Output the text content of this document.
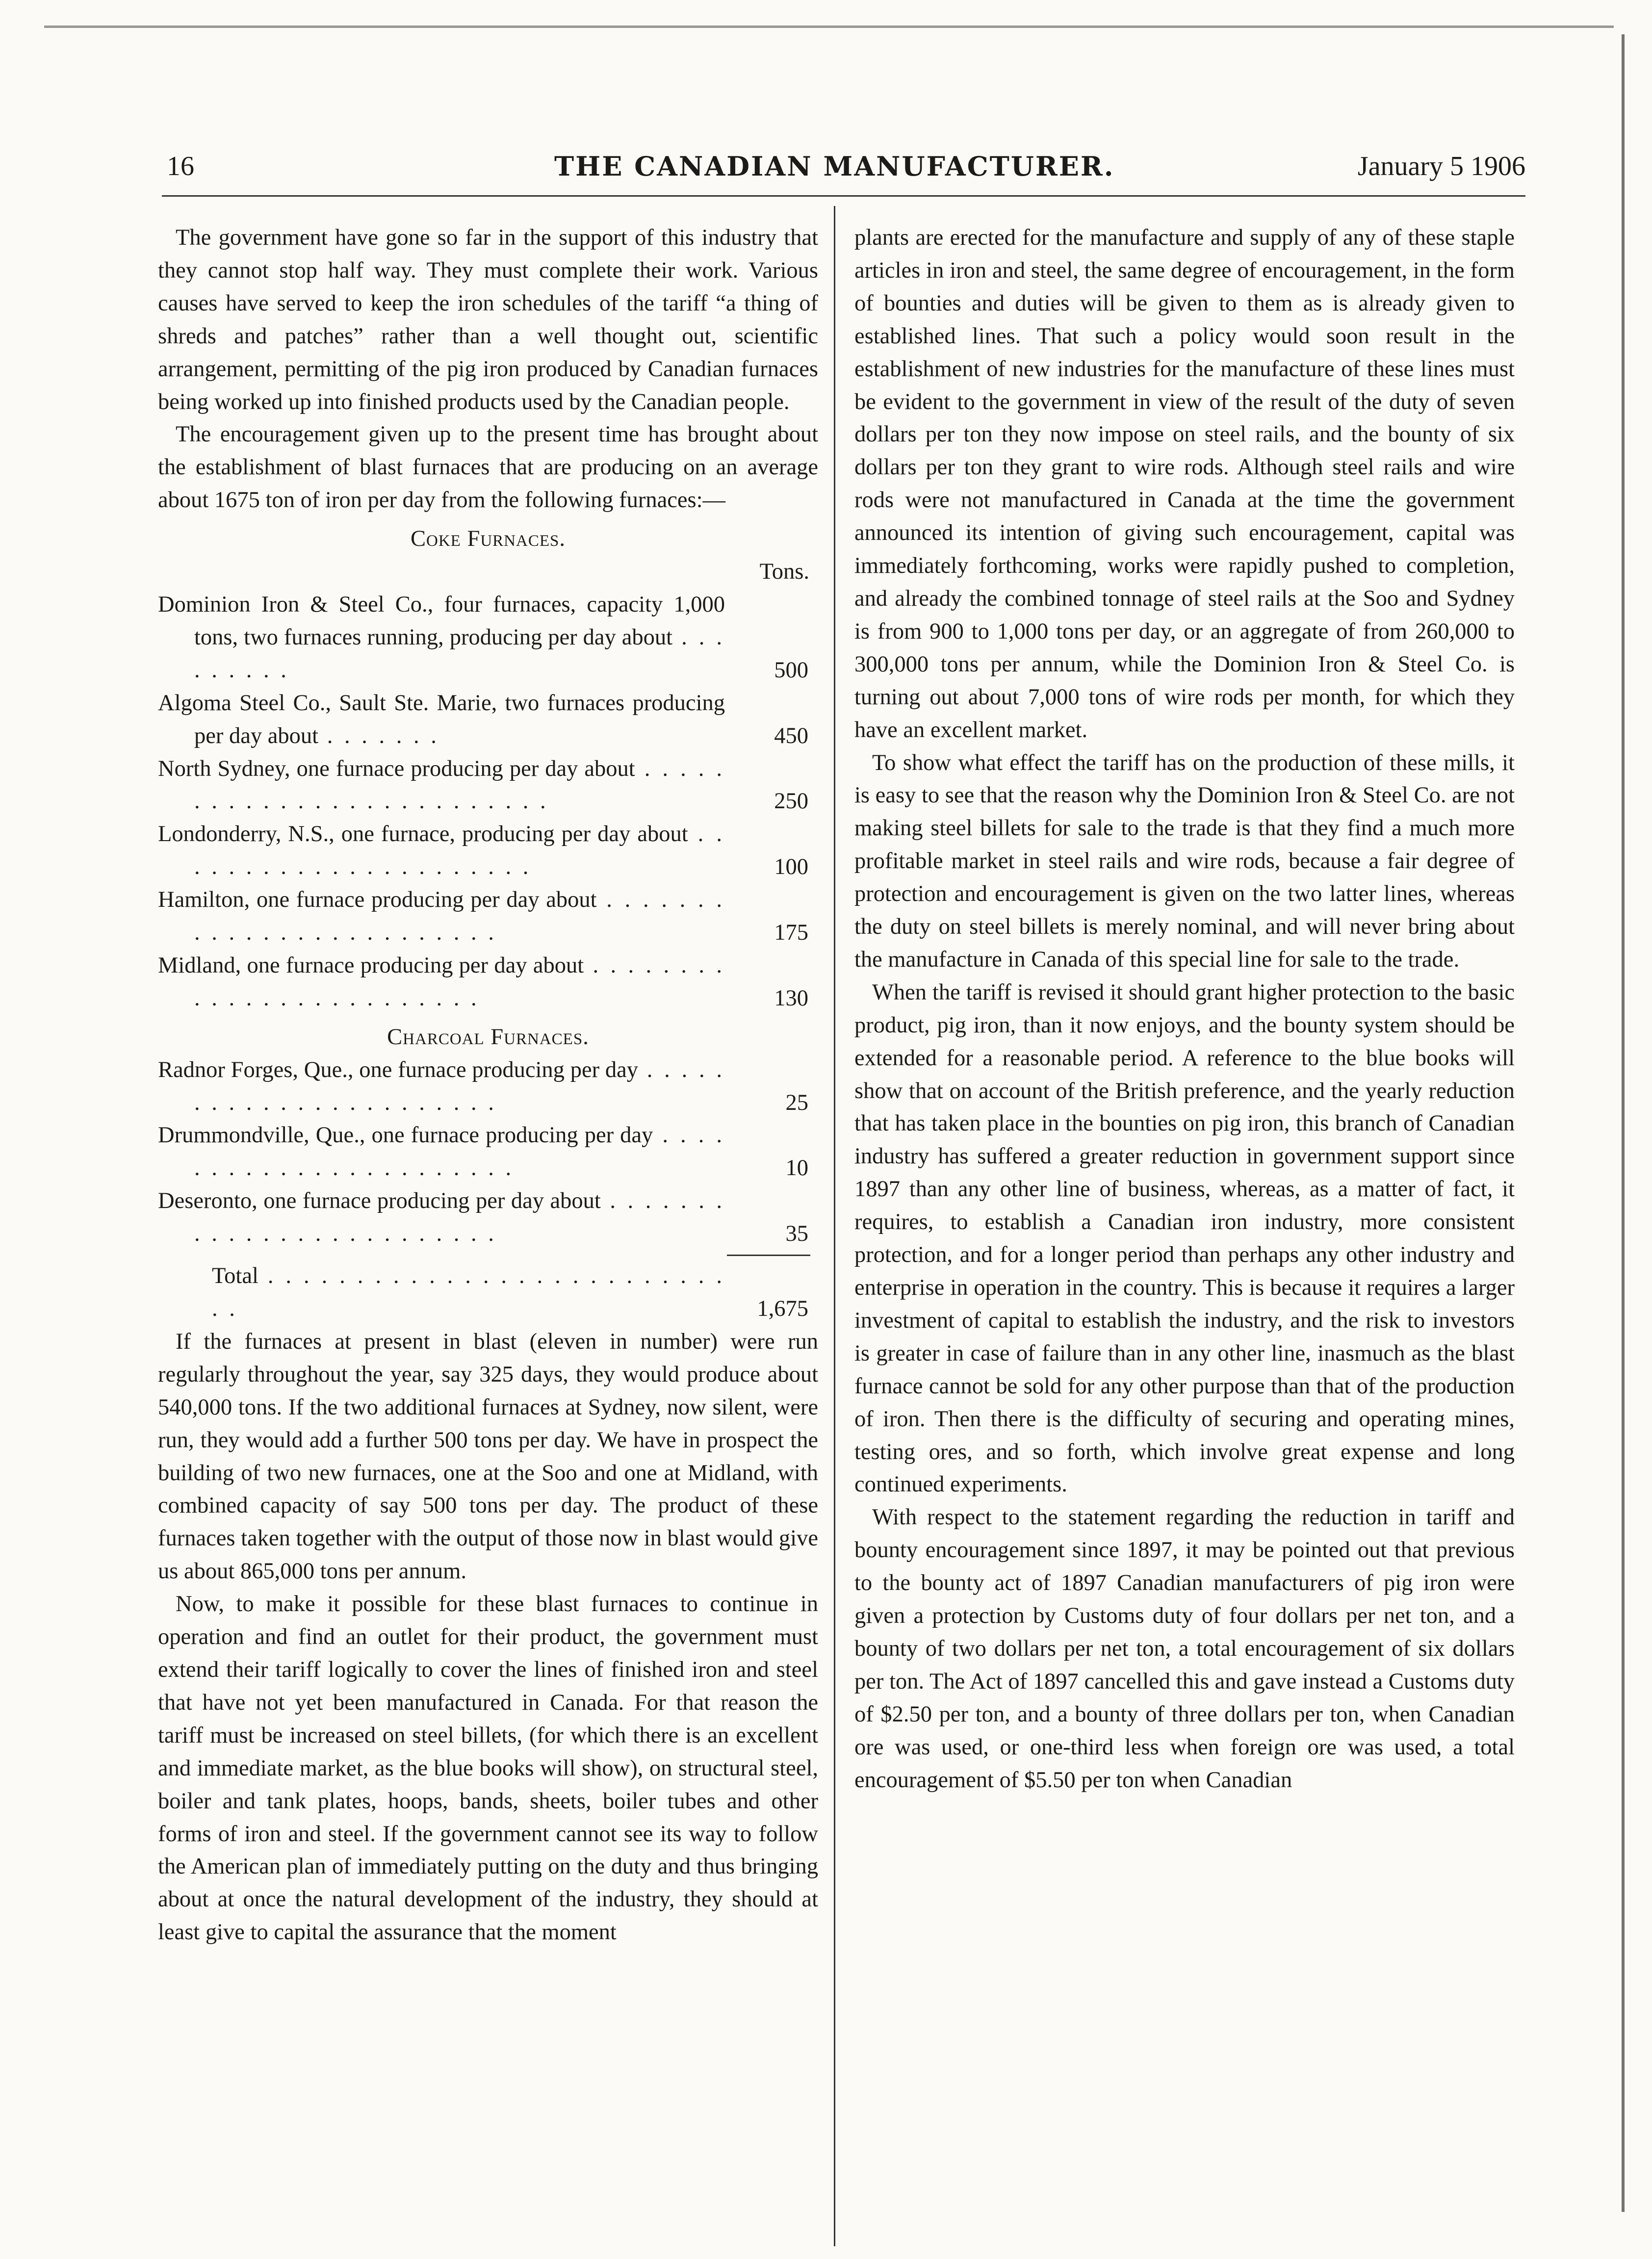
16	THE CANADIAN MANUFACTURER.	January 5 1906

The government have gone so far in the support of this industry that they cannot stop half way. They must complete their work. Various causes have served to keep the iron schedules of the tariff “a thing of shreds and patches” rather than a well thought out, scientific arrangement, permitting of the pig iron produced by Canadian furnaces being worked up into finished products used by the Canadian people.

The encouragement given up to the present time has brought about the establishment of blast furnaces that are producing on an average about 1675 ton of iron per day from the following furnaces:—

Coke Furnaces.
Tons.
Dominion Iron & Steel Co., four furnaces, capacity 1,000 tons, two furnaces running, producing per day about . . . . . . . . .	500
Algoma Steel Co., Sault Ste. Marie, two furnaces producing per day about . . . . . . .	450
North Sydney, one furnace producing per day about . . . . . . . . . . . . . . . . . . . . . . . . . .	250
Londonderry, N.S., one furnace, producing per day about . . . . . . . . . . . . . . . . . . . . . .	100
Hamilton, one furnace producing per day about . . . . . . . . . . . . . . . . . . . . . . . . .	175
Midland, one furnace producing per day about . . . . . . . . . . . . . . . . . . . . . . . . .	130
Charcoal Furnaces.
Radnor Forges, Que., one furnace producing per day . . . . . . . . . . . . . . . . . . . . . . .	25
Drummondville, Que., one furnace producing per day . . . . . . . . . . . . . . . . . . . . . . .	10
Deseronto, one furnace producing per day about . . . . . . . . . . . . . . . . . . . . . . . . .	35
Total . . . . . . . . . . . . . . . . . . . . . . . . . . . .	1,675

If the furnaces at present in blast (eleven in number) were run regularly throughout the year, say 325 days, they would produce about 540,000 tons. If the two additional furnaces at Sydney, now silent, were run, they would add a further 500 tons per day. We have in prospect the building of two new furnaces, one at the Soo and one at Midland, with combined capacity of say 500 tons per day. The product of these furnaces taken together with the output of those now in blast would give us about 865,000 tons per annum.

Now, to make it possible for these blast furnaces to continue in operation and find an outlet for their product, the government must extend their tariff logically to cover the lines of finished iron and steel that have not yet been manufactured in Canada. For that reason the tariff must be increased on steel billets, (for which there is an excellent and immediate market, as the blue books will show), on structural steel, boiler and tank plates, hoops, bands, sheets, boiler tubes and other forms of iron and steel. If the government cannot see its way to follow the American plan of immediately putting on the duty and thus bringing about at once the natural development of the industry, they should at least give to capital the assurance that the moment

plants are erected for the manufacture and supply of any of these staple articles in iron and steel, the same degree of encouragement, in the form of bounties and duties will be given to them as is already given to established lines. That such a policy would soon result in the establishment of new industries for the manufacture of these lines must be evident to the government in view of the result of the duty of seven dollars per ton they now impose on steel rails, and the bounty of six dollars per ton they grant to wire rods. Although steel rails and wire rods were not manufactured in Canada at the time the government announced its intention of giving such encouragement, capital was immediately forthcoming, works were rapidly pushed to completion, and already the combined tonnage of steel rails at the Soo and Sydney is from 900 to 1,000 tons per day, or an aggregate of from 260,000 to 300,000 tons per annum, while the Dominion Iron & Steel Co. is turning out about 7,000 tons of wire rods per month, for which they have an excellent market.

To show what effect the tariff has on the production of these mills, it is easy to see that the reason why the Dominion Iron & Steel Co. are not making steel billets for sale to the trade is that they find a much more profitable market in steel rails and wire rods, because a fair degree of protection and encouragement is given on the two latter lines, whereas the duty on steel billets is merely nominal, and will never bring about the manufacture in Canada of this special line for sale to the trade.

When the tariff is revised it should grant higher protection to the basic product, pig iron, than it now enjoys, and the bounty system should be extended for a reasonable period. A reference to the blue books will show that on account of the British preference, and the yearly reduction that has taken place in the bounties on pig iron, this branch of Canadian industry has suffered a greater reduction in government support since 1897 than any other line of business, whereas, as a matter of fact, it requires, to establish a Canadian iron industry, more consistent protection, and for a longer period than perhaps any other industry and enterprise in operation in the country. This is because it requires a larger investment of capital to establish the industry, and the risk to investors is greater in case of failure than in any other line, inasmuch as the blast furnace cannot be sold for any other purpose than that of the production of iron. Then there is the difficulty of securing and operating mines, testing ores, and so forth, which involve great expense and long continued experiments.

With respect to the statement regarding the reduction in tariff and bounty encouragement since 1897, it may be pointed out that previous to the bounty act of 1897 Canadian manufacturers of pig iron were given a protection by Customs duty of four dollars per net ton, and a bounty of two dollars per net ton, a total encouragement of six dollars per ton. The Act of 1897 cancelled this and gave instead a Customs duty of $2.50 per ton, and a bounty of three dollars per ton, when Canadian ore was used, or one-third less when foreign ore was used, a total encouragement of $5.50 per ton when Canadian
